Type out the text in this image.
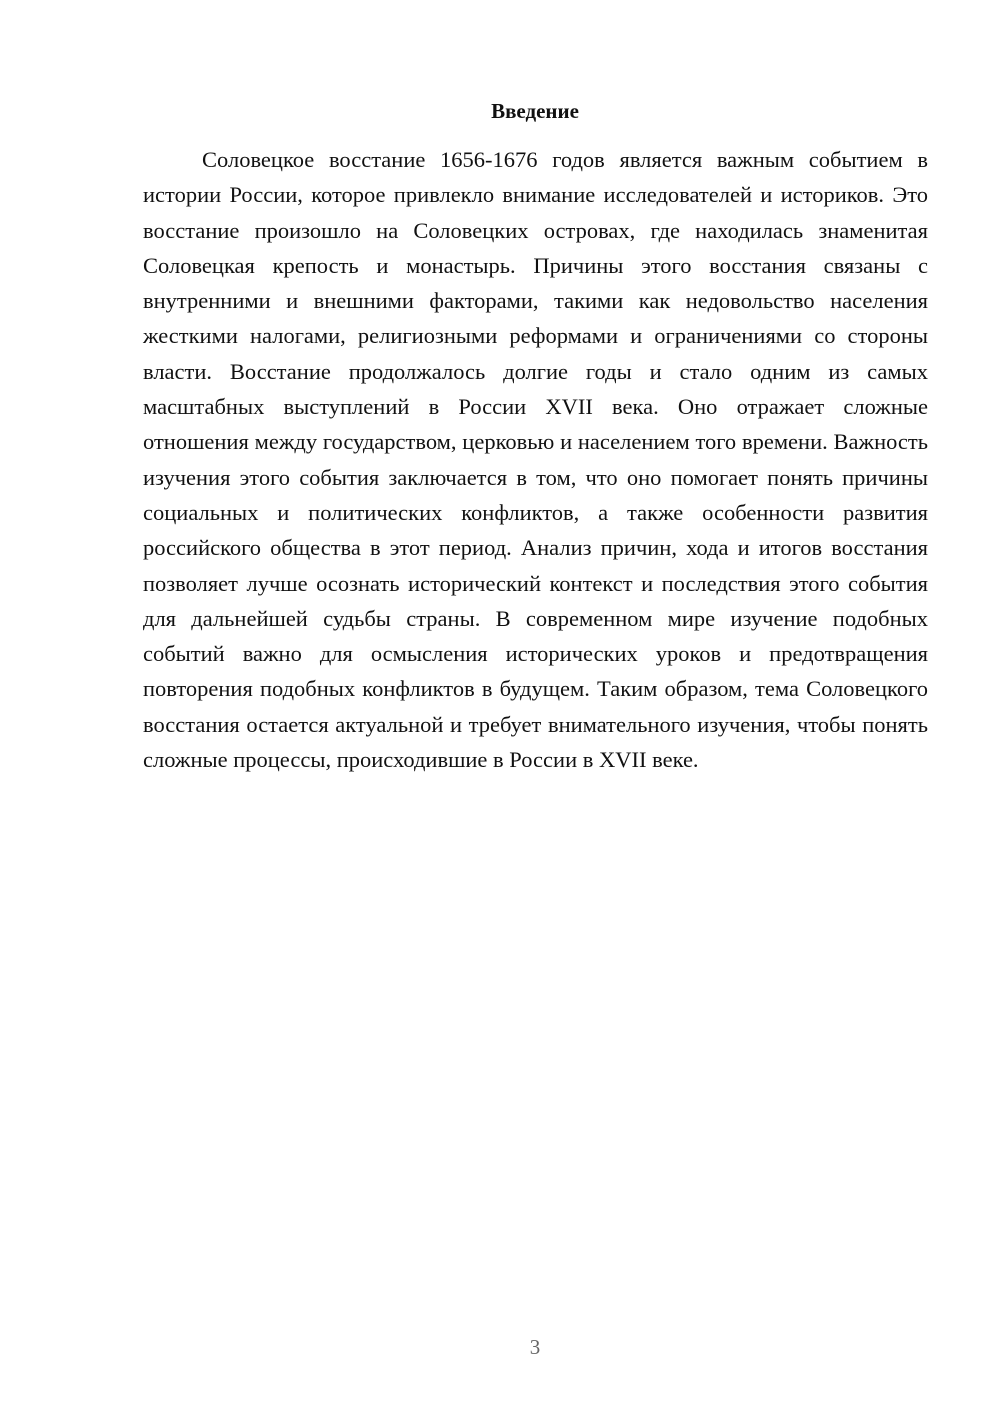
Введение

Соловецкое восстание 1656-1676 годов является важным событием в истории России, которое привлекло внимание исследователей и историков. Это восстание произошло на Соловецких островах, где находилась знаменитая Соловецкая крепость и монастырь. Причины этого восстания связаны с внутренними и внешними факторами, такими как недовольство населения жесткими налогами, религиозными реформами и ограничениями со стороны власти. Восстание продолжалось долгие годы и стало одним из самых масштабных выступлений в России XVII века. Оно отражает сложные отношения между государством, церковью и населением того времени. Важность изучения этого события заключается в том, что оно помогает понять причины социальных и политических конфликтов, а также особенности развития российского общества в этот период. Анализ причин, хода и итогов восстания позволяет лучше осознать исторический контекст и последствия этого события для дальнейшей судьбы страны. В современном мире изучение подобных событий важно для осмысления исторических уроков и предотвращения повторения подобных конфликтов в будущем. Таким образом, тема Соловецкого восстания остается актуальной и требует внимательного изучения, чтобы понять сложные процессы, происходившие в России в XVII веке.

3
